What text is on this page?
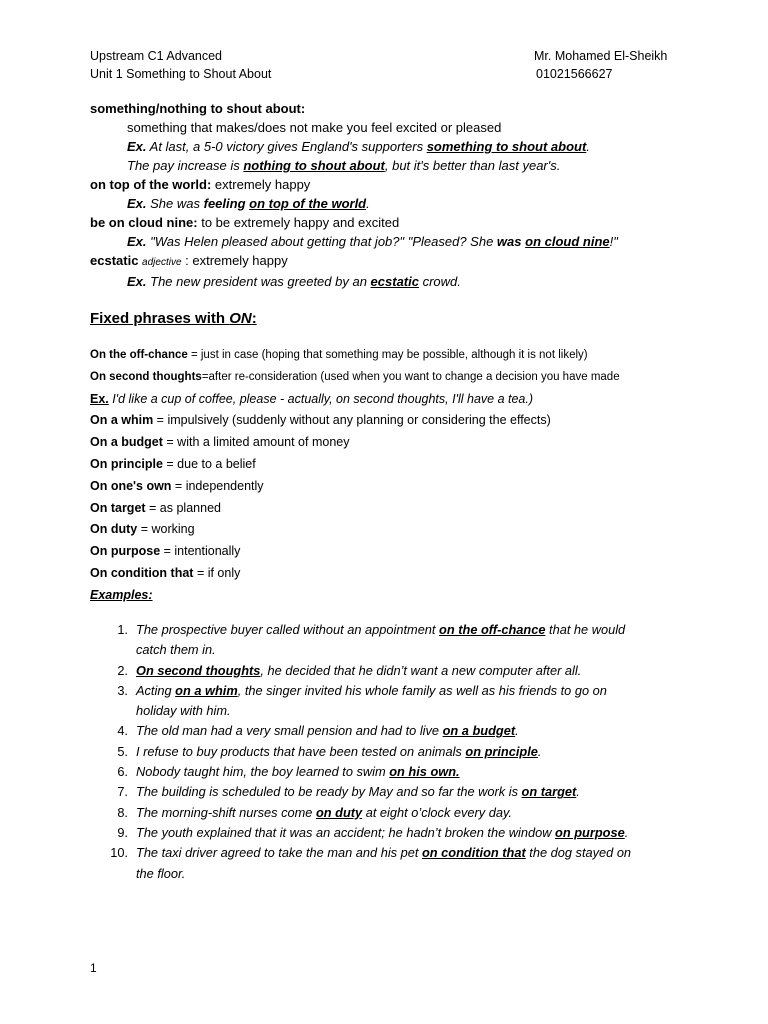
Upstream C1 Advanced
Unit 1 Something to Shout About
Mr. Mohamed El-Sheikh
01021566627
something/nothing to shout about:
something that makes/does not make you feel excited or pleased
Ex. At last, a 5-0 victory gives England's supporters something to shout about.
The pay increase is nothing to shout about, but it's better than last year's.
on top of the world: extremely happy
Ex. She was feeling on top of the world.
be on cloud nine: to be extremely happy and excited
Ex. "Was Helen pleased about getting that job?" "Pleased? She was on cloud nine!"
ecstatic adjective : extremely happy
Ex. The new president was greeted by an ecstatic crowd.
Fixed phrases with ON:
On the off-chance = just in case (hoping that something may be possible, although it is not likely)
On second thoughts=after re-consideration (used when you want to change a decision you have made
Ex. I'd like a cup of coffee, please - actually, on second thoughts, I'll have a tea.)
On a whim = impulsively (suddenly without any planning or considering the effects)
On a budget = with a limited amount of money
On principle = due to a belief
On one's own = independently
On target = as planned
On duty = working
On purpose = intentionally
On condition that = if only
Examples:
1. The prospective buyer called without an appointment on the off-chance that he would
catch them in.
2. On second thoughts, he decided that he didn’t want a new computer after all.
3. Acting on a whim, the singer invited his whole family as well as his friends to go on
holiday with him.
4. The old man had a very small pension and had to live on a budget.
5. I refuse to buy products that have been tested on animals on principle.
6. Nobody taught him, the boy learned to swim on his own.
7. The building is scheduled to be ready by May and so far the work is on target.
8. The morning-shift nurses come on duty at eight o’clock every day.
9. The youth explained that it was an accident; he hadn’t broken the window on purpose.
10. The taxi driver agreed to take the man and his pet on condition that the dog stayed on
the floor.
1
